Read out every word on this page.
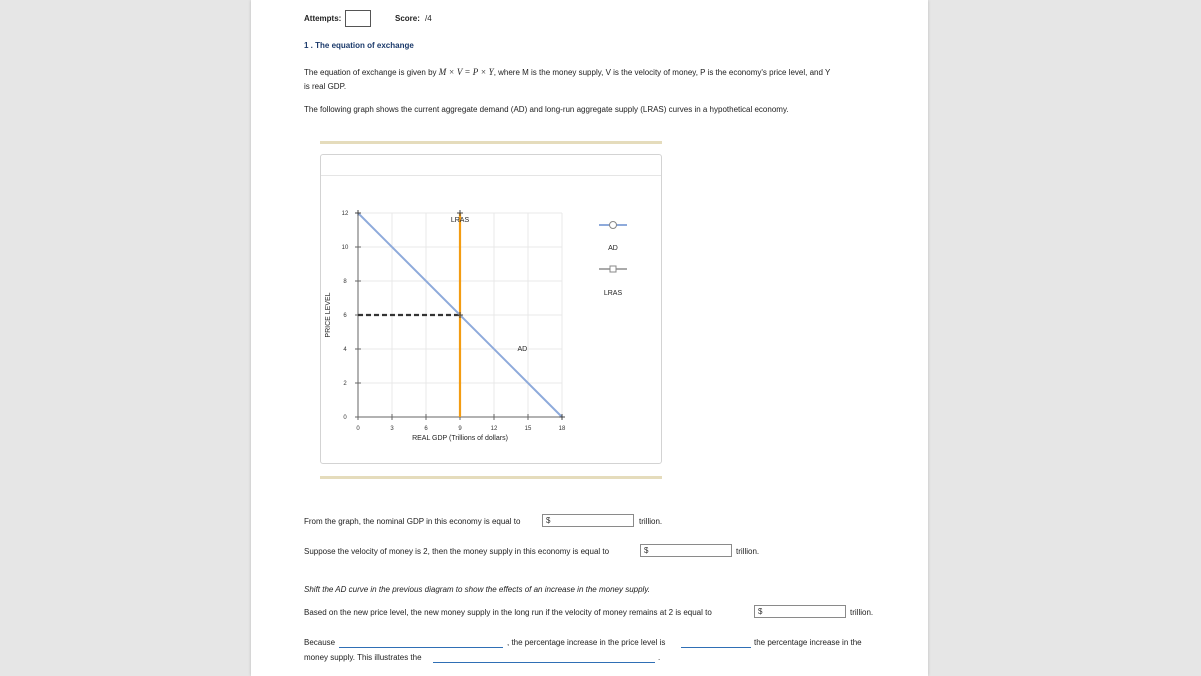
Attempts:	Score: /4
1 . The equation of exchange
The equation of exchange is given by M × V = P × Y, where M is the money supply, V is the velocity of money, P is the economy's price level, and Y
is real GDP.
The following graph shows the current aggregate demand (AD) and long-run aggregate supply (LRAS) curves in a hypothetical economy.
0	3	6	9	12	15	18
0
2
4
6
8
10
12
REAL GDP (Trillions of dollars)
PRICE LEVEL
LRAS
AD
AD
LRAS
From the graph, the nominal GDP in this economy is equal to	$	trillion.
Suppose the velocity of money is 2, then the money supply in this economy is equal to	$	trillion.
Shift the AD curve in the previous diagram to show the effects of an increase in the money supply.
Based on the new price level, the new money supply in the long run if the velocity of money remains at 2 is equal to	$	trillion.
Because	, the percentage increase in the price level is	the percentage increase in the
money supply. This illustrates the	.
